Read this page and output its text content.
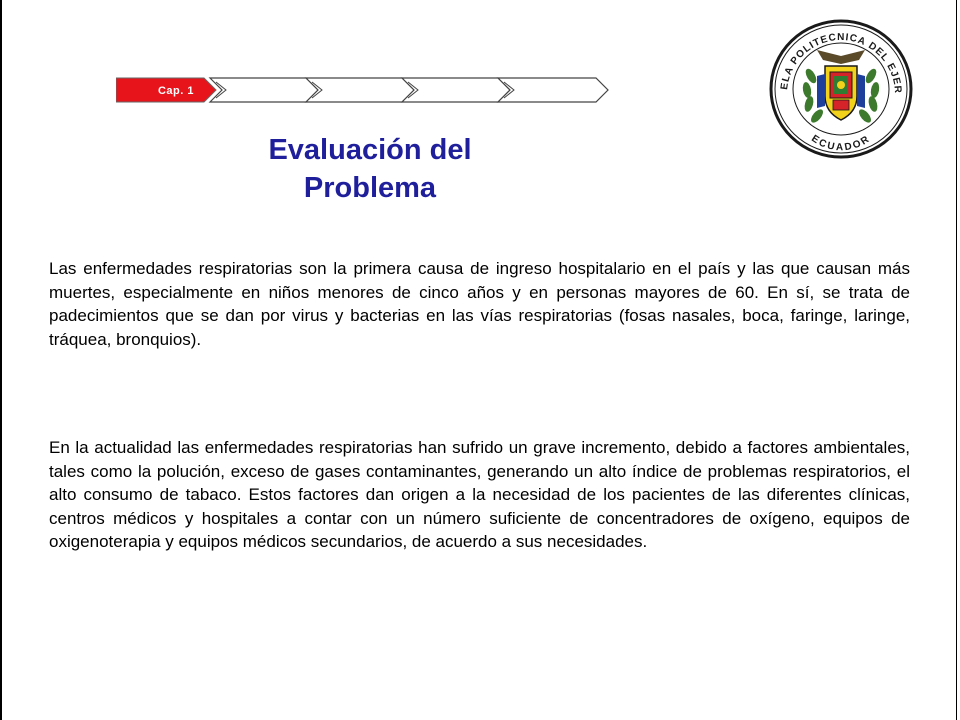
Cap. 1
Evaluación del
Problema
ELA POLITECNICA DEL EJER
ECUADOR

Las enfermedades respiratorias son la primera causa de ingreso hospitalario en el país y las que causan más muertes, especialmente en niños menores de cinco años y en personas mayores de 60. En sí, se trata de padecimientos que se dan por virus y bacterias en las vías respiratorias (fosas nasales, boca, faringe, laringe, tráquea, bronquios).

En la actualidad las enfermedades respiratorias han sufrido un grave incremento, debido a factores ambientales, tales como la polución, exceso de gases contaminantes, generando un alto índice de problemas respiratorios, el alto consumo de tabaco. Estos factores dan origen a la necesidad de los pacientes de las diferentes clínicas, centros médicos y hospitales a contar con un número suficiente de concentradores de oxígeno, equipos de oxigenoterapia y equipos médicos secundarios, de acuerdo a sus necesidades.
